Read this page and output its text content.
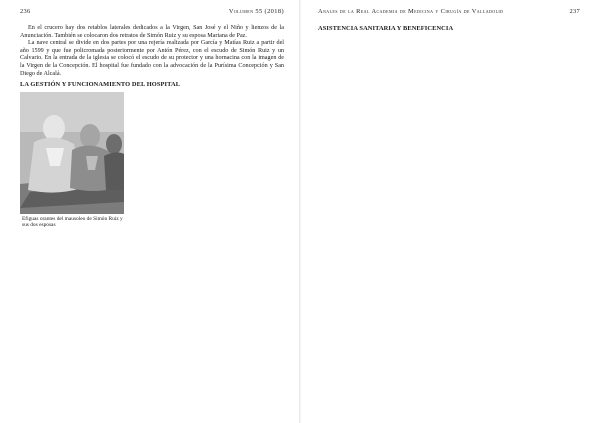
236	Volumen 55 (2018)

En el crucero hay dos retablos laterales dedicados a la Virgen, San José y el Niño y lienzos de la Anunciación. También se colocaron dos retratos de Simón Ruiz y su esposa Mariana de Paz.

La nave central se divide en dos partes por una rejería realizada por García y Matías Ruiz a partir del año 1599 y que fue policromada posteriormente por Antón Pérez, con el escudo de Simón Ruiz y un Calvario. En la entrada de la iglesia se colocó el escudo de su protector y una hornacina con la imagen de la Virgen de la Concepción. El hospital fue fundado con la advocación de la Purísima Concepción y San Diego de Alcalá.

LA GESTIÓN Y FUNCIONAMIENTO DEL HOSPITAL

Efiguas orantes del mausoleo de Simón Ruiz y sus dos esposas

Anales de la Real Academia de Medicina y Cirugía de Valladolid	237

ASISTENCIA SANITARIA Y BENEFICENCIA
